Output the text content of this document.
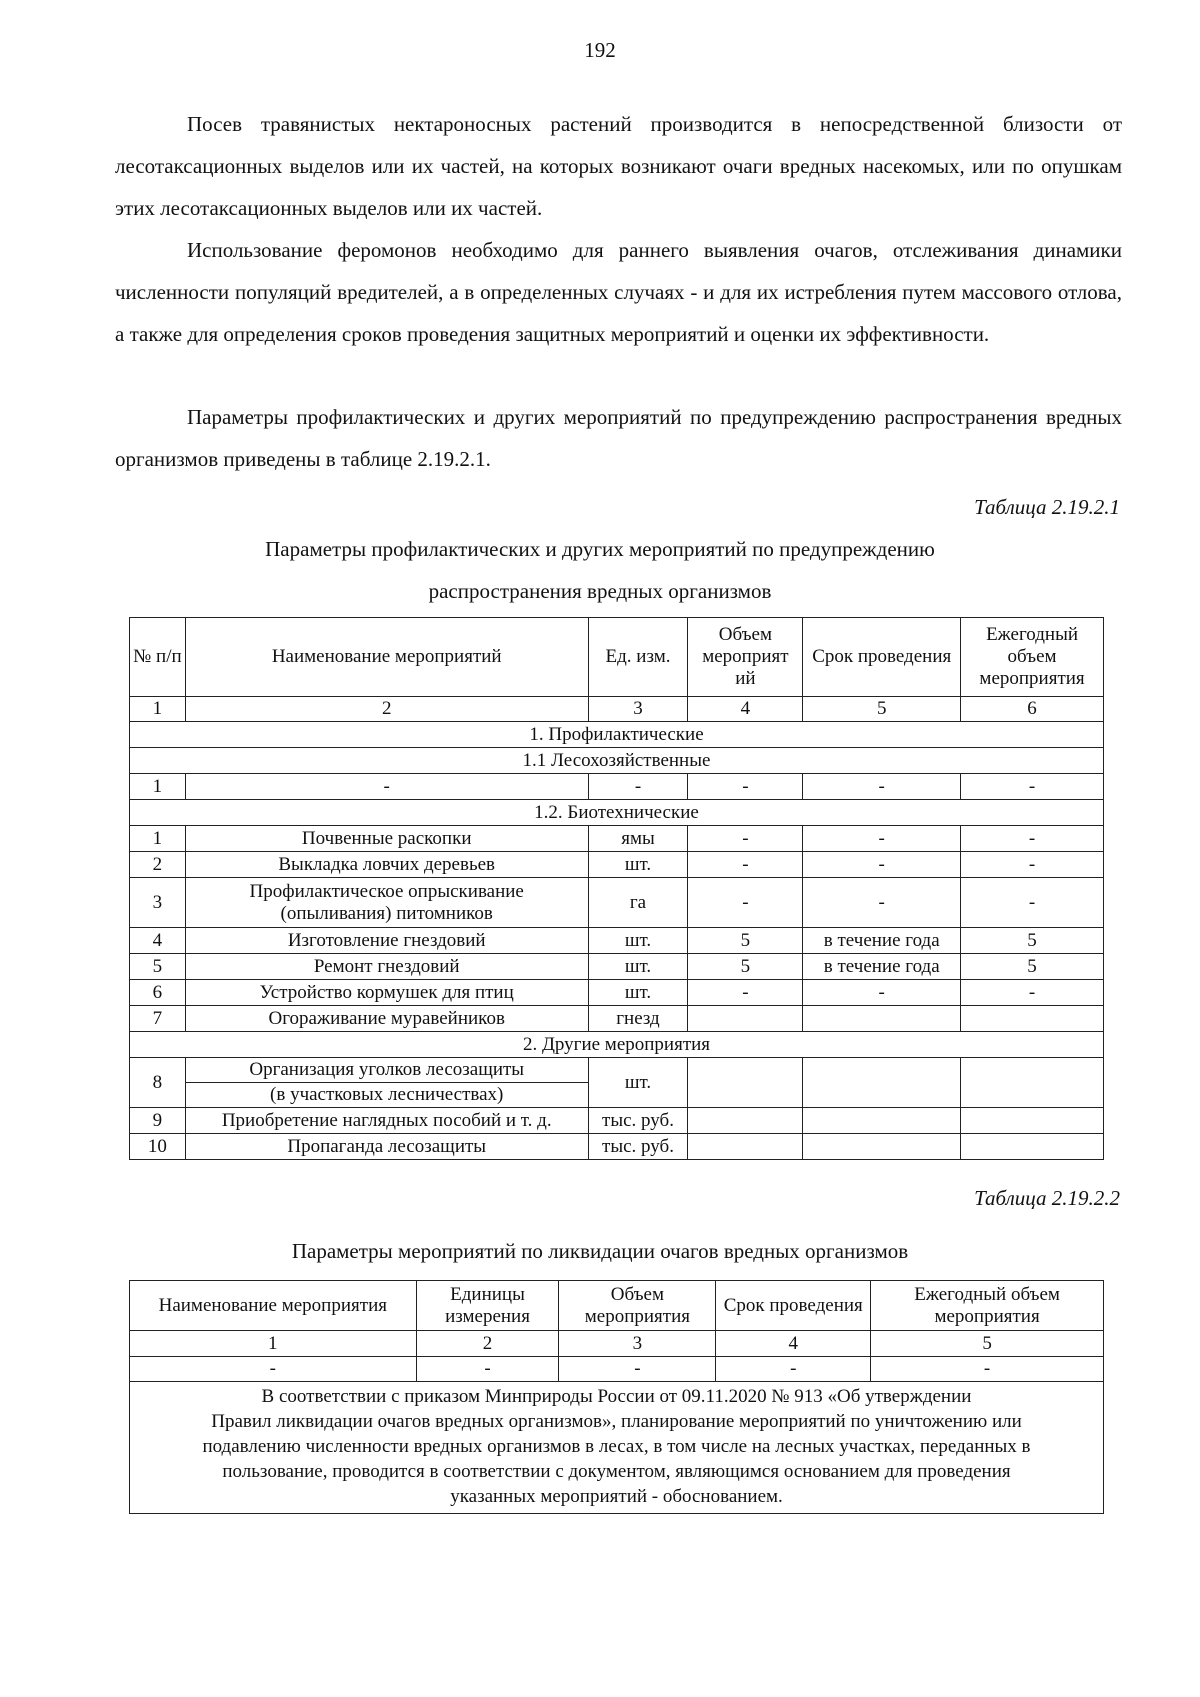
192

Посев травянистых нектароносных растений производится в непосредственной близости от лесотаксационных выделов или их частей, на которых возникают очаги вредных насекомых, или по опушкам этих лесотаксационных выделов или их частей.

Использование феромонов необходимо для раннего выявления очагов, отслеживания динамики численности популяций вредителей, а в определенных случаях - и для их истребления путем массового отлова, а также для определения сроков проведения защитных мероприятий и оценки их эффективности.

Параметры профилактических и других мероприятий по предупреждению распространения вредных организмов приведены в таблице 2.19.2.1.

Таблица 2.19.2.1
Параметры профилактических и других мероприятий по предупреждению
распространения вредных организмов
№ п/п	Наименование мероприятий	Ед. изм.	Объем мероприят ий	Срок проведения	Ежегодный объем мероприятия
1	2	3	4	5	6
1. Профилактические					
1.1 Лесохозяйственные					
1	-	-	-	-	-
1.2. Биотехнические					
1	Почвенные раскопки	ямы	-	-	-
2	Выкладка ловчих деревьев	шт.	-	-	-
3	Профилактическое опрыскивание (опыливания) питомников	га	-	-	-
4	Изготовление гнездовий	шт.	5	в течение года	5
5	Ремонт гнездовий	шт.	5	в течение года	5
6	Устройство кормушек для птиц	шт.	-	-	-
7	Огораживание муравейников	гнезд			
2. Другие мероприятия					
8	Организация уголков лесозащиты	шт.			
	(в участковых лесничествах)				
9	Приобретение наглядных пособий и т. д.	тыс. руб.			
10	Пропаганда лесозащиты	тыс. руб.			
Таблица 2.19.2.2
Параметры мероприятий по ликвидации очагов вредных организмов
Наименование мероприятия	Единицы измерения	Объем мероприятия	Срок проведения	Ежегодный объем мероприятия
1	2	3	4	5
-	-	-	-	-

В соответствии с приказом Минприроды России от 09.11.2020 № 913 «Об утверждении
Правил ликвидации очагов вредных организмов», планирование мероприятий по уничтожению или
подавлению численности вредных организмов в лесах, в том числе на лесных участках, переданных в
пользование, проводится в соответствии с документом, являющимся основанием для проведения
указанных мероприятий - обоснованием.				
